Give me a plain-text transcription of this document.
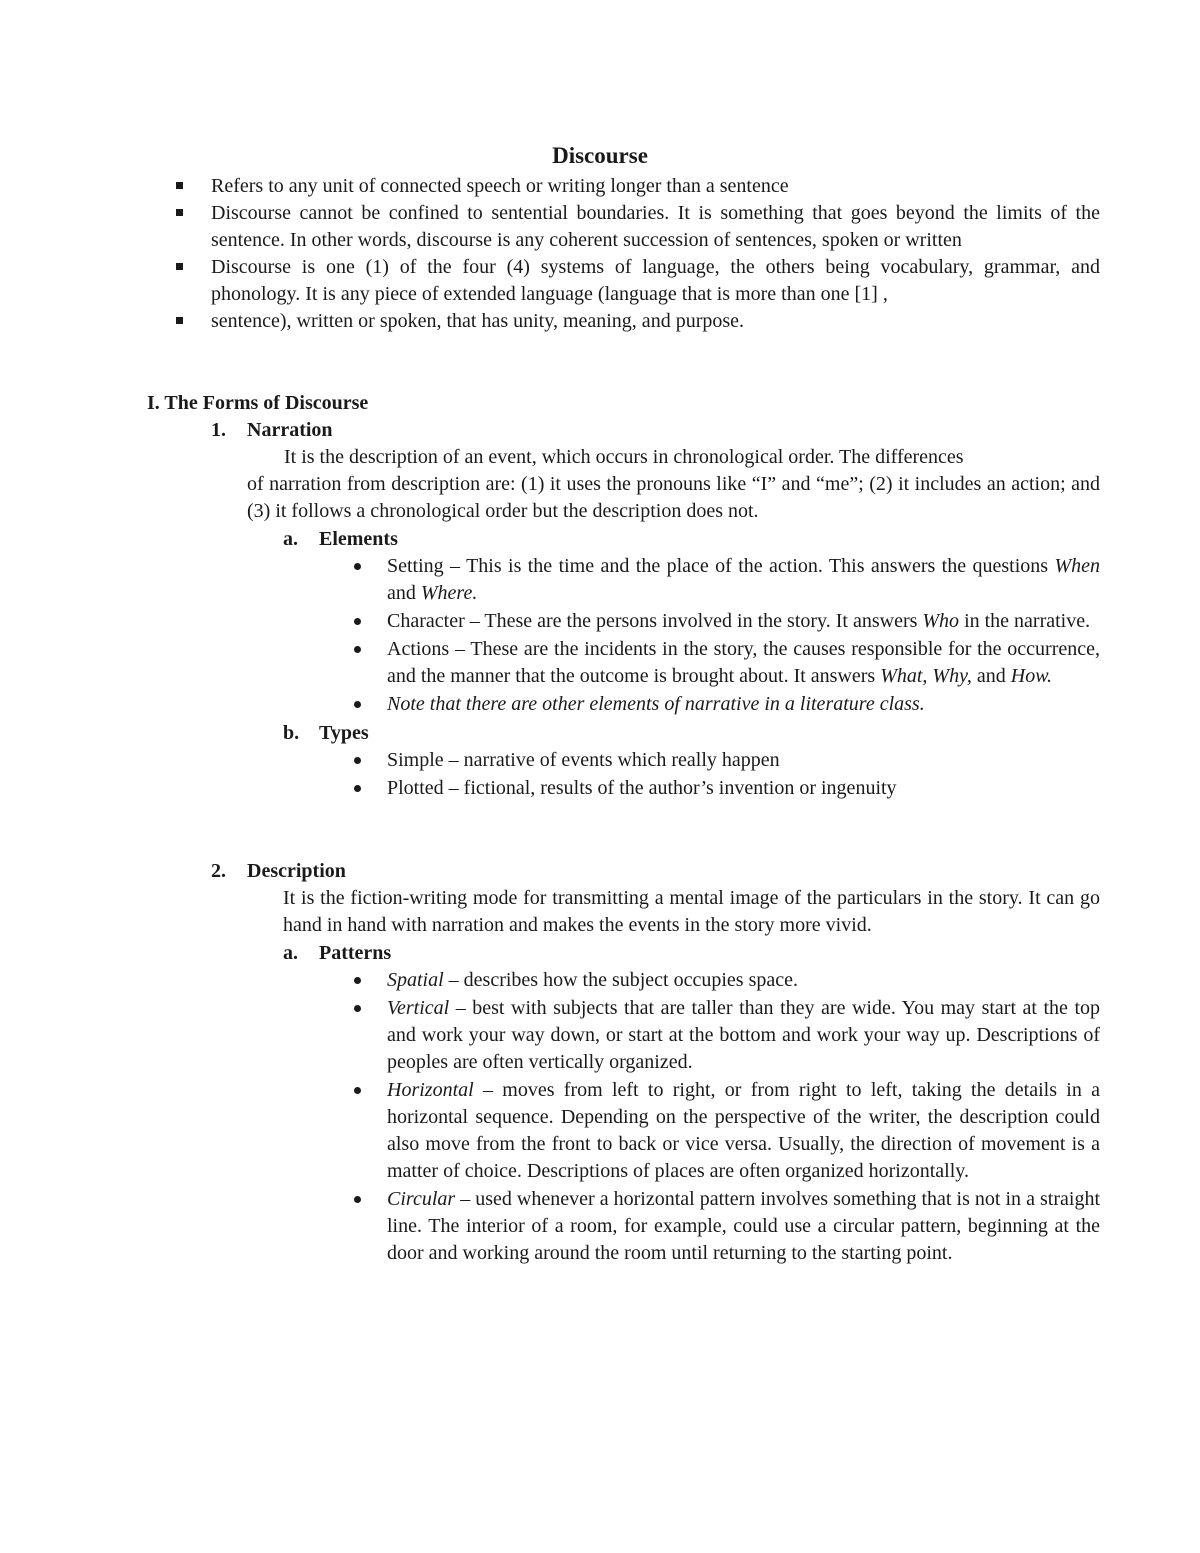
Discourse
Refers to any unit of connected speech or writing longer than a sentence
Discourse cannot be confined to sentential boundaries. It is something that goes beyond the limits of the sentence. In other words, discourse is any coherent succession of sentences, spoken or written
Discourse is one (1) of the four (4) systems of language, the others being vocabulary, grammar, and phonology. It is any piece of extended language (language that is more than one [1] ,
sentence), written or spoken, that has unity, meaning, and purpose.
I. The Forms of Discourse
1. Narration
It is the description of an event, which occurs in chronological order. The differences
of narration from description are: (1) it uses the pronouns like “I” and “me”; (2) it includes an action; and (3) it follows a chronological order but the description does not.
a. Elements
Setting – This is the time and the place of the action. This answers the questions When and Where.
Character – These are the persons involved in the story. It answers Who in the narrative.
Actions – These are the incidents in the story, the causes responsible for the occurrence, and the manner that the outcome is brought about. It answers What, Why, and How.
Note that there are other elements of narrative in a literature class.
b. Types
Simple – narrative of events which really happen
Plotted – fictional, results of the author’s invention or ingenuity
2. Description
It is the fiction-writing mode for transmitting a mental image of the particulars in the story. It can go hand in hand with narration and makes the events in the story more vivid.
a. Patterns
Spatial – describes how the subject occupies space.
Vertical – best with subjects that are taller than they are wide. You may start at the top and work your way down, or start at the bottom and work your way up. Descriptions of peoples are often vertically organized.
Horizontal – moves from left to right, or from right to left, taking the details in a horizontal sequence. Depending on the perspective of the writer, the description could also move from the front to back or vice versa. Usually, the direction of movement is a matter of choice. Descriptions of places are often organized horizontally.
Circular – used whenever a horizontal pattern involves something that is not in a straight line. The interior of a room, for example, could use a circular pattern, beginning at the door and working around the room until returning to the starting point.
